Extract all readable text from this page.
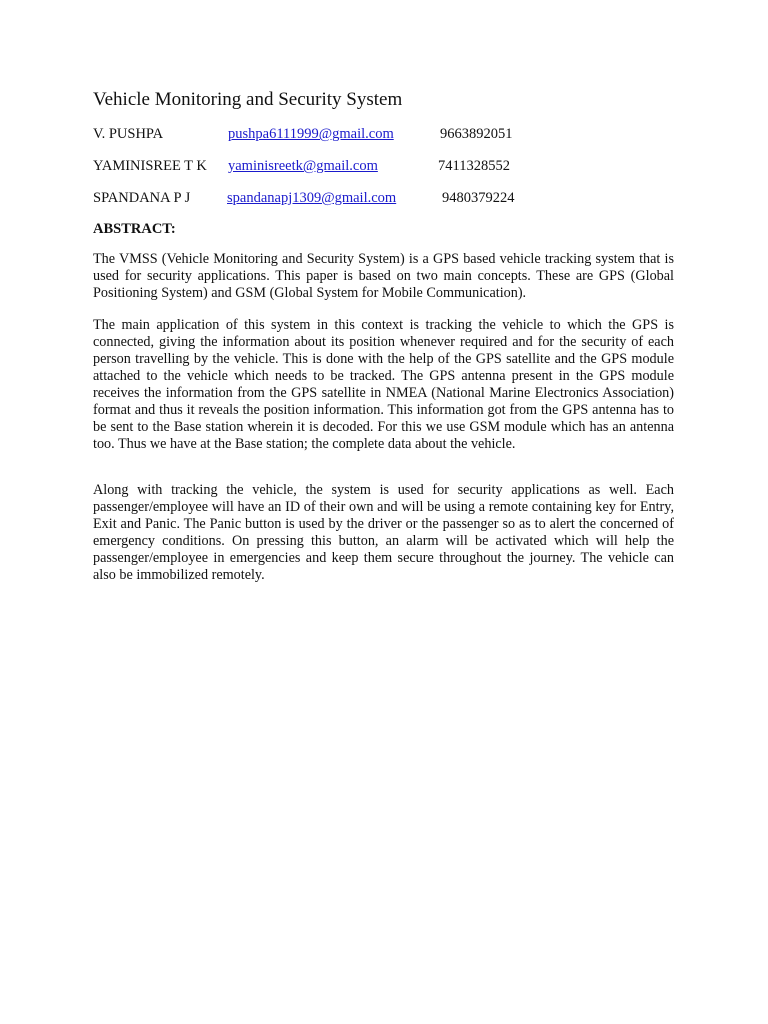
Vehicle Monitoring and Security System
V. PUSHPA	pushpa6111999@gmail.com	9663892051
YAMINISREE T K yaminisreetk@gmail.com	7411328552
SPANDANA P J	spandanapj1309@gmail.com	9480379224
ABSTRACT:

The VMSS (Vehicle Monitoring and Security System) is a GPS based vehicle tracking system that is used for security applications. This paper is based on two main concepts. These are GPS (Global Positioning System) and GSM (Global System for Mobile Communication).

The main application of this system in this context is tracking the vehicle to which the GPS is connected, giving the information about its position whenever required and for the security of each person travelling by the vehicle. This is done with the help of the GPS satellite and the GPS module attached to the vehicle which needs to be tracked. The GPS antenna present in the GPS module receives the information from the GPS satellite in NMEA (National Marine Electronics Association) format and thus it reveals the position information. This information got from the GPS antenna has to be sent to the Base station wherein it is decoded. For this we use GSM module which has an antenna too. Thus we have at the Base station; the complete data about the vehicle.

Along with tracking the vehicle, the system is used for security applications as well. Each passenger/employee will have an ID of their own and will be using a remote containing key for Entry, Exit and Panic. The Panic button is used by the driver or the passenger so as to alert the concerned of emergency conditions. On pressing this button, an alarm will be activated which will help the passenger/employee in emergencies and keep them secure throughout the journey. The vehicle can also be immobilized remotely.
